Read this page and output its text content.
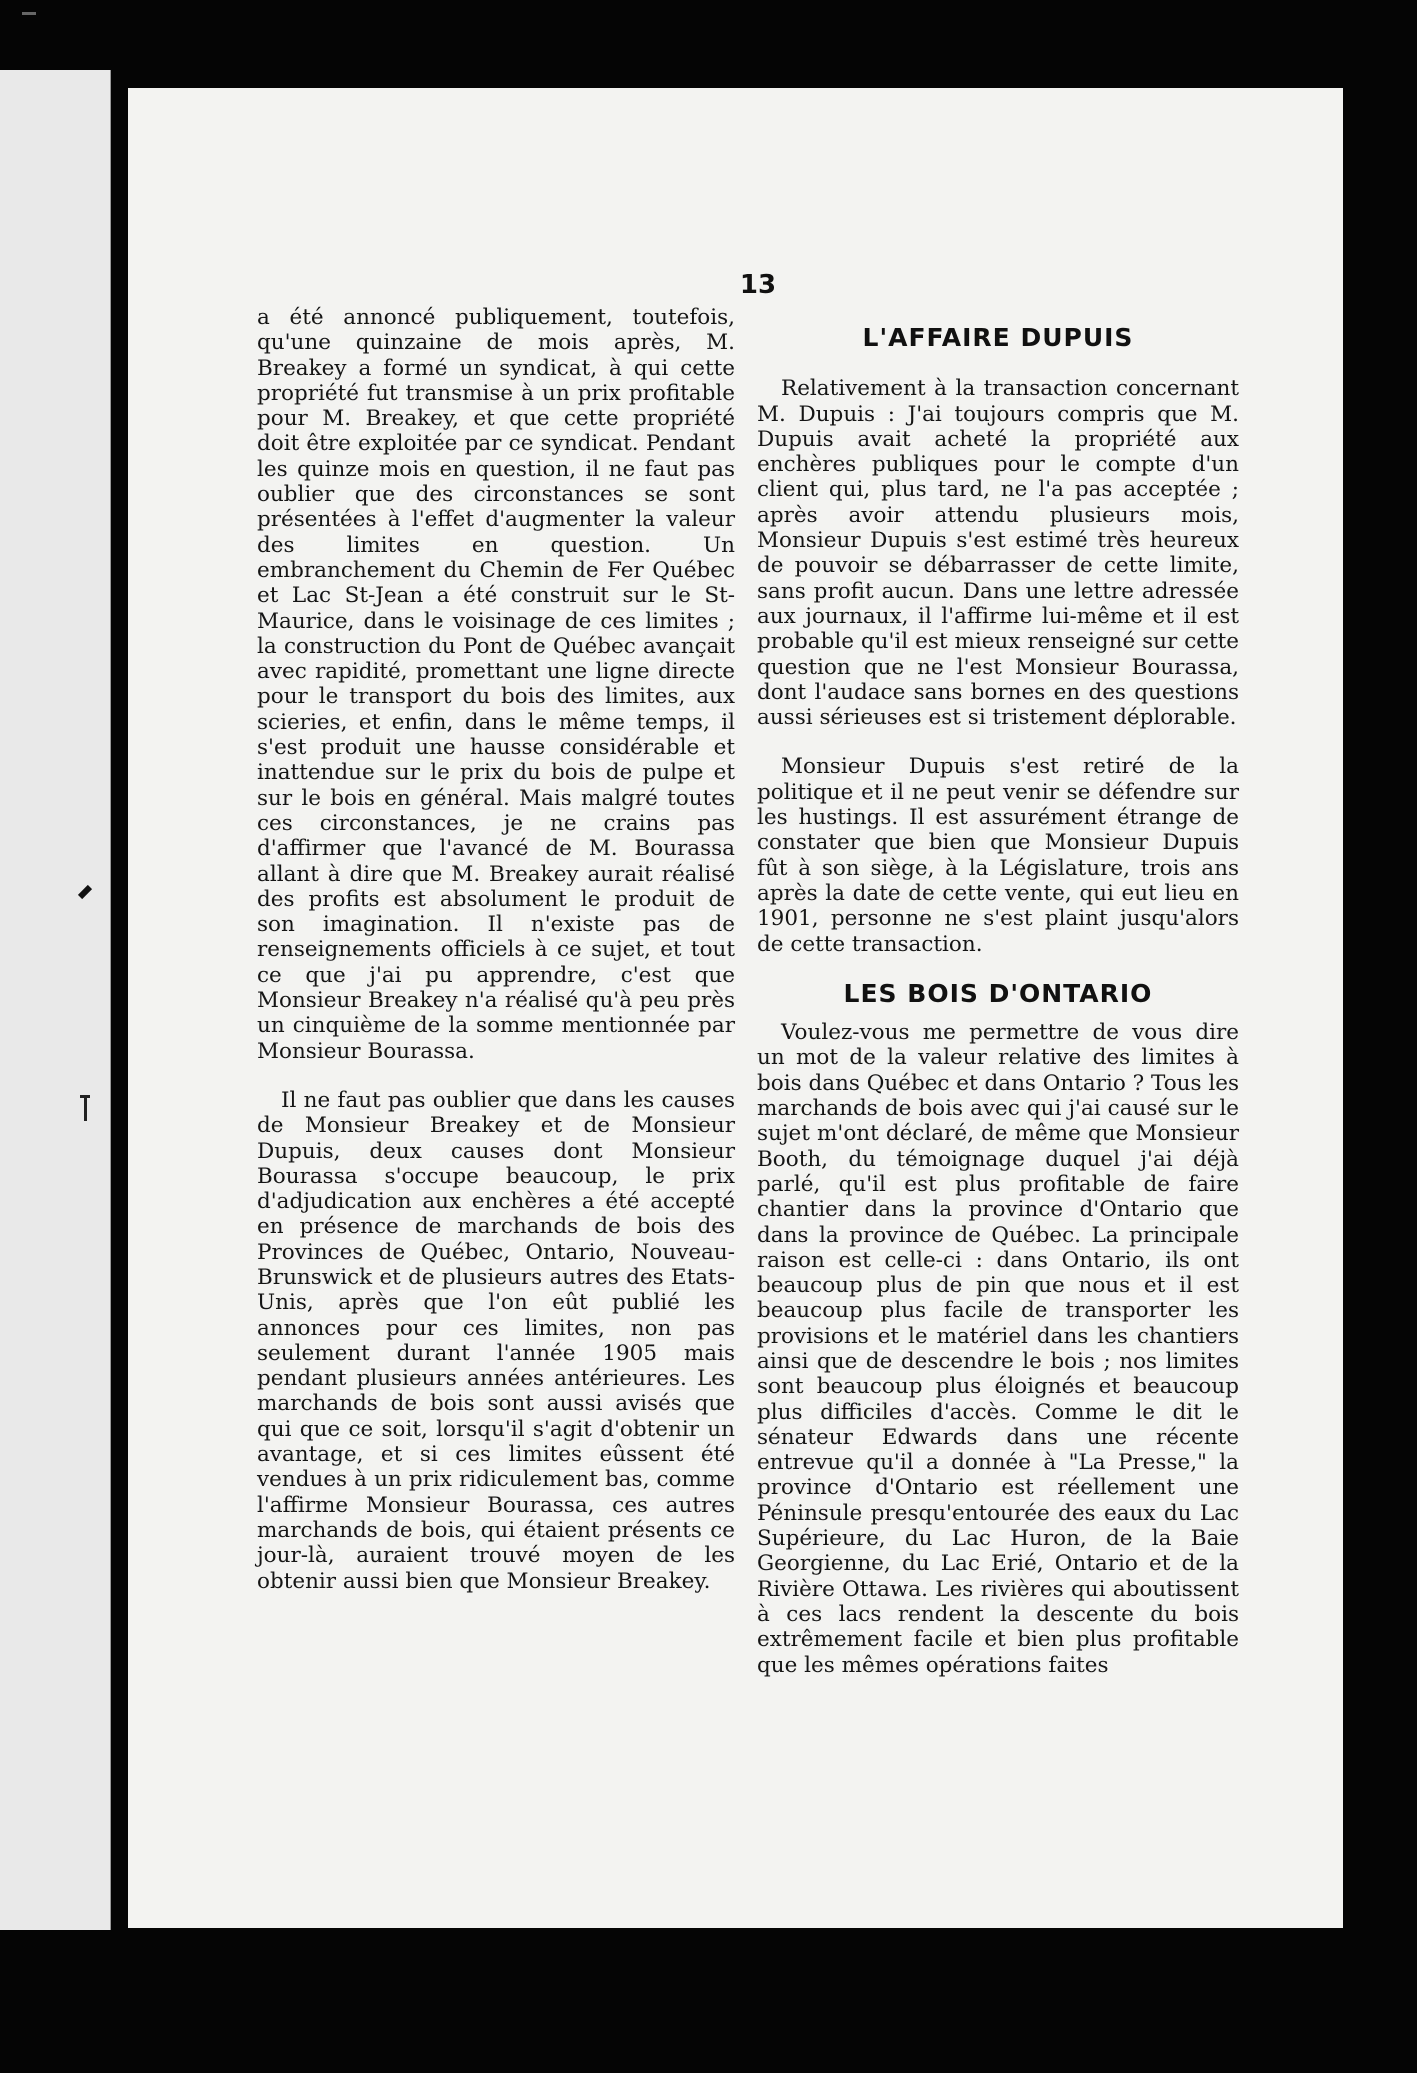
13

a été annoncé publiquement, toutefois, qu'une quinzaine de mois après, M. Breakey a formé un syndicat, à qui cette propriété fut transmise à un prix profitable pour M. Breakey, et que cette propriété doit être exploitée par ce syndicat. Pendant les quinze mois en question, il ne faut pas oublier que des circonstances se sont présentées à l'effet d'augmenter la valeur des limites en question. Un embranchement du Chemin de Fer Québec et Lac St-Jean a été construit sur le St-Maurice, dans le voisinage de ces limites ; la construction du Pont de Québec avançait avec rapidité, promettant une ligne directe pour le transport du bois des limites, aux scieries, et enfin, dans le même temps, il s'est produit une hausse considérable et inattendue sur le prix du bois de pulpe et sur le bois en général. Mais malgré toutes ces circonstances, je ne crains pas d'affirmer que l'avancé de M. Bourassa allant à dire que M. Breakey aurait réalisé des profits est absolument le produit de son imagination. Il n'existe pas de renseignements officiels à ce sujet, et tout ce que j'ai pu apprendre, c'est que Monsieur Breakey n'a réalisé qu'à peu près un cinquième de la somme mentionnée par Monsieur Bourassa.

Il ne faut pas oublier que dans les causes de Monsieur Breakey et de Monsieur Dupuis, deux causes dont Monsieur Bourassa s'occupe beaucoup, le prix d'adjudication aux enchères a été accepté en présence de marchands de bois des Provinces de Québec, Ontario, Nouveau-Brunswick et de plusieurs autres des Etats-Unis, après que l'on eût publié les annonces pour ces limites, non pas seulement durant l'année 1905 mais pendant plusieurs années antérieures. Les marchands de bois sont aussi avisés que qui que ce soit, lorsqu'il s'agit d'obtenir un avantage, et si ces limites eûssent été vendues à un prix ridiculement bas, comme l'affirme Monsieur Bourassa, ces autres marchands de bois, qui étaient présents ce jour-là, auraient trouvé moyen de les obtenir aussi bien que Monsieur Breakey.

L'AFFAIRE DUPUIS

Relativement à la transaction concernant M. Dupuis : J'ai toujours compris que M. Dupuis avait acheté la propriété aux enchères publiques pour le compte d'un client qui, plus tard, ne l'a pas acceptée ; après avoir attendu plusieurs mois, Monsieur Dupuis s'est estimé très heureux de pouvoir se débarrasser de cette limite, sans profit aucun. Dans une lettre adressée aux journaux, il l'affirme lui-même et il est probable qu'il est mieux renseigné sur cette question que ne l'est Monsieur Bourassa, dont l'audace sans bornes en des questions aussi sérieuses est si tristement déplorable.

Monsieur Dupuis s'est retiré de la politique et il ne peut venir se défendre sur les hustings. Il est assurément étrange de constater que bien que Monsieur Dupuis fût à son siège, à la Législature, trois ans après la date de cette vente, qui eut lieu en 1901, personne ne s'est plaint jusqu'alors de cette transaction.

LES BOIS D'ONTARIO

Voulez-vous me permettre de vous dire un mot de la valeur relative des limites à bois dans Québec et dans Ontario ? Tous les marchands de bois avec qui j'ai causé sur le sujet m'ont déclaré, de même que Monsieur Booth, du témoignage duquel j'ai déjà parlé, qu'il est plus profitable de faire chantier dans la province d'Ontario que dans la province de Québec. La principale raison est celle-ci : dans Ontario, ils ont beaucoup plus de pin que nous et il est beaucoup plus facile de transporter les provisions et le matériel dans les chantiers ainsi que de descendre le bois ; nos limites sont beaucoup plus éloignés et beaucoup plus difficiles d'accès. Comme le dit le sénateur Edwards dans une récente entrevue qu'il a donnée à "La Presse," la province d'Ontario est réellement une Péninsule presqu'entourée des eaux du Lac Supérieure, du Lac Huron, de la Baie Georgienne, du Lac Erié, Ontario et de la Rivière Ottawa. Les rivières qui aboutissent à ces lacs rendent la descente du bois extrêmement facile et bien plus profitable que les mêmes opérations faites
